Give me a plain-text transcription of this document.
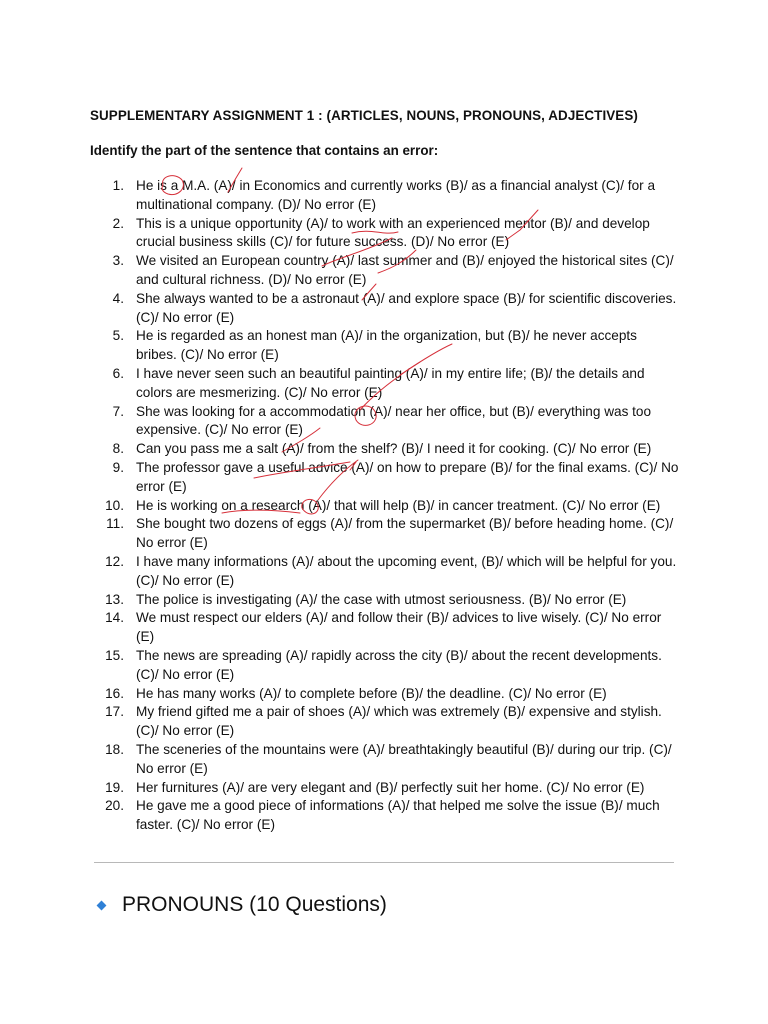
SUPPLEMENTARY ASSIGNMENT 1 : (ARTICLES, NOUNS, PRONOUNS, ADJECTIVES)
Identify the part of the sentence that contains an error:
1. He is a M.A. (A)/ in Economics and currently works (B)/ as a financial analyst (C)/ for a multinational company. (D)/ No error (E)
2. This is a unique opportunity (A)/ to work with an experienced mentor (B)/ and develop crucial business skills (C)/ for future success. (D)/ No error (E)
3. We visited an European country (A)/ last summer and (B)/ enjoyed the historical sites (C)/ and cultural richness. (D)/ No error (E)
4. She always wanted to be a astronaut (A)/ and explore space (B)/ for scientific discoveries. (C)/ No error (E)
5. He is regarded as an honest man (A)/ in the organization, but (B)/ he never accepts bribes. (C)/ No error (E)
6. I have never seen such an beautiful painting (A)/ in my entire life; (B)/ the details and colors are mesmerizing. (C)/ No error (E)
7. She was looking for a accommodation (A)/ near her office, but (B)/ everything was too expensive. (C)/ No error (E)
8. Can you pass me a salt (A)/ from the shelf? (B)/ I need it for cooking. (C)/ No error (E)
9. The professor gave a useful advice (A)/ on how to prepare (B)/ for the final exams. (C)/ No error (E)
10. He is working on a research (A)/ that will help (B)/ in cancer treatment. (C)/ No error (E)
11. She bought two dozens of eggs (A)/ from the supermarket (B)/ before heading home. (C)/ No error (E)
12. I have many informations (A)/ about the upcoming event, (B)/ which will be helpful for you. (C)/ No error (E)
13. The police is investigating (A)/ the case with utmost seriousness. (B)/ No error (E)
14. We must respect our elders (A)/ and follow their (B)/ advices to live wisely. (C)/ No error (E)
15. The news are spreading (A)/ rapidly across the city (B)/ about the recent developments. (C)/ No error (E)
16. He has many works (A)/ to complete before (B)/ the deadline. (C)/ No error (E)
17. My friend gifted me a pair of shoes (A)/ which was extremely (B)/ expensive and stylish. (C)/ No error (E)
18. The sceneries of the mountains were (A)/ breathtakingly beautiful (B)/ during our trip. (C)/ No error (E)
19. Her furnitures (A)/ are very elegant and (B)/ perfectly suit her home. (C)/ No error (E)
20. He gave me a good piece of informations (A)/ that helped me solve the issue (B)/ much faster. (C)/ No error (E)
PRONOUNS (10 Questions)
